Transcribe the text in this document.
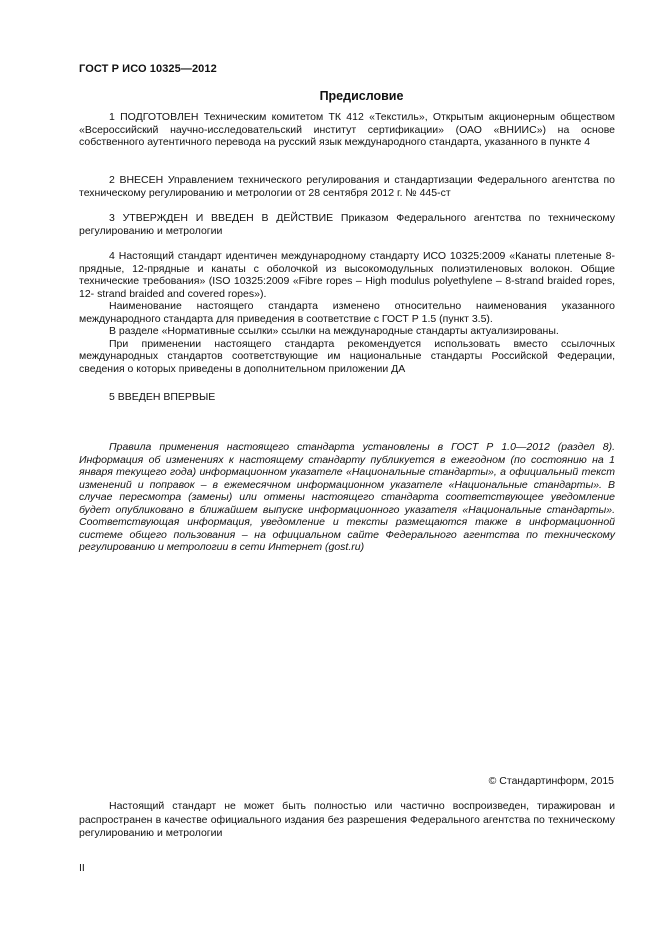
ГОСТ Р ИСО 10325—2012
Предисловие

1 ПОДГОТОВЛЕН Техническим комитетом ТК 412 «Текстиль», Открытым акционерным обществом «Всероссийский научно-исследовательский институт сертификации» (ОАО «ВНИИС») на основе собственного аутентичного перевода на русский язык международного стандарта, указанного в пункте 4

2 ВНЕСЕН Управлением технического регулирования и стандартизации Федерального агентства по техническому регулированию и метрологии от 28 сентября 2012 г. № 445-ст

3 УТВЕРЖДЕН И ВВЕДЕН В ДЕЙСТВИЕ Приказом Федерального агентства по техническому регулированию и метрологии

4 Настоящий стандарт идентичен международному стандарту ИСО 10325:2009 «Канаты плетеные 8-прядные, 12-прядные и канаты с оболочкой из высокомодульных полиэтиленовых волокон. Общие технические требования» (ISO 10325:2009 «Fibre ropes – High modulus polyethylene – 8-strand braided ropes, 12- strand braided and covered ropes»).

Наименование настоящего стандарта изменено относительно наименования указанного международного стандарта для приведения в соответствие с ГОСТ Р 1.5 (пункт 3.5).

В разделе «Нормативные ссылки» ссылки на международные стандарты актуализированы.

При применении настоящего стандарта рекомендуется использовать вместо ссылочных международных стандартов соответствующие им национальные стандарты Российской Федерации, сведения о которых приведены в дополнительном приложении ДА

5 ВВЕДЕН ВПЕРВЫЕ

Правила применения настоящего стандарта установлены в ГОСТ Р 1.0—2012 (раздел 8). Информация об изменениях к настоящему стандарту публикуется в ежегодном (по состоянию на 1 января текущего года) информационном указателе «Национальные стандарты», а официальный текст изменений и поправок – в ежемесячном информационном указателе «Национальные стандарты». В случае пересмотра (замены) или отмены настоящего стандарта соответствующее уведомление будет опубликовано в ближайшем выпуске информационного указателя «Национальные стандарты». Соответствующая информация, уведомление и тексты размещаются также в информационной системе общего пользования – на официальном сайте Федерального агентства по техническому регулированию и метрологии в сети Интернет (gost.ru)

© Стандартинформ, 2015

Настоящий стандарт не может быть полностью или частично воспроизведен, тиражирован и распространен в качестве официального издания без разрешения Федерального агентства по техническому регулированию и метрологии

II
